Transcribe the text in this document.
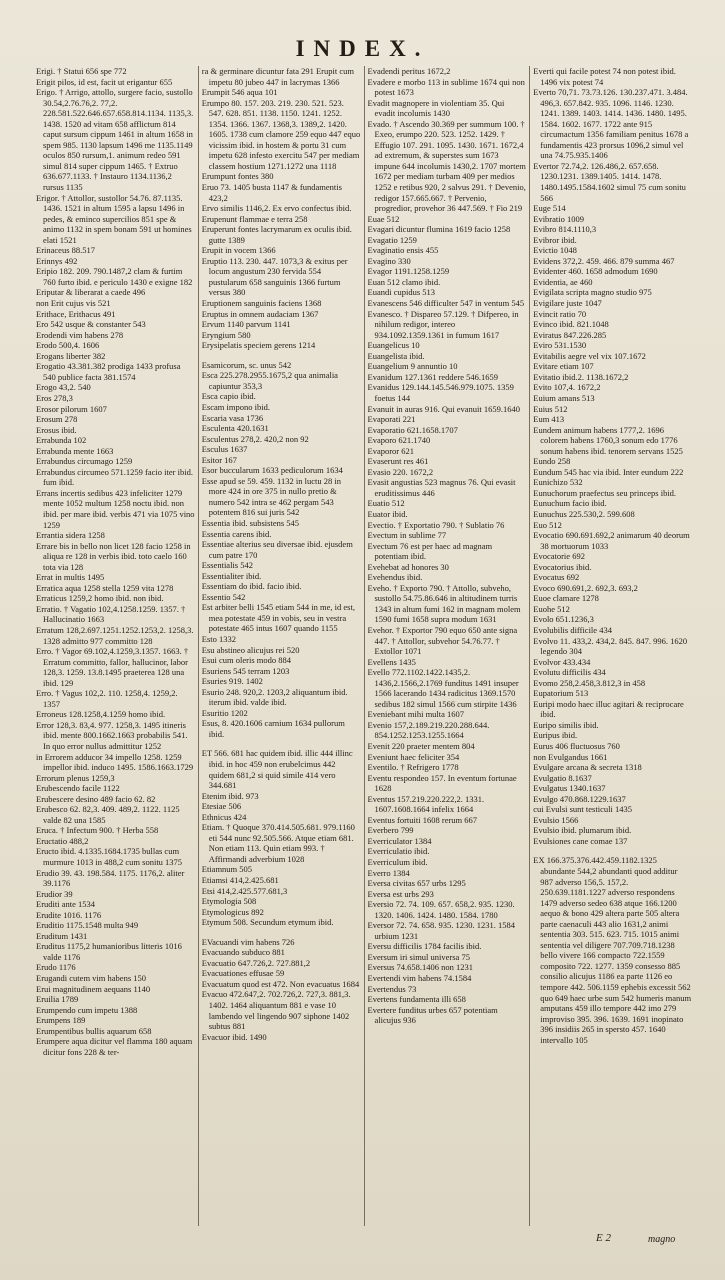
INDEX.

Erigi. † Statui 656 spe 772

Erigit pilos, id est, facit ut erigantur 655

Erigo. † Arrigo, attollo, surgere facio, sustollo 30.54,2.76.76,2. 77,2. 228.581.522.646.657.658.814.1134. 1135,3. 1438. 1520 ad vitam 658 afflictum 814 caput sursum cippum 1461 in altum 1658 in spem 985. 1130 lapsum 1496 me 1135.1149 oculos 850 rursum,1. animum redeo 591 simul 814 super cippum 1465. † Extruo 636.677.1133. † Instauro 1134.1136,2 rursus 1135

Erigor. † Attollor, sustollor 54.76. 87.1135. 1436. 1521 in altum 1595 a lapsu 1496 in pedes, & eminco supercilios 851 spe & animo 1132 in spem bonam 591 ut homines elati 1521

Erinaceus 88.517

Erinnys 492

Eripio 182. 209. 790.1487,2 clam & furtim 760 furto ibid. e periculo 1430 e exigne 182

Eriputar & liberarat a caede 496

non Erit cujus vis 521

Erithace, Erithacus 491

Ero 542 usque & constanter 543

Erodendi vim habens 278

Erodo 500,4. 1606

Erogans liberter 382

Erogatio 43.381.382 prodiga 1433 profusa 540 publice facta 381.1574

Erogo 43,2. 540

Eros 278,3

Erosor pilorum 1607

Erosum 278

Erosus ibid.

Errabunda 102

Errabunda mente 1663

Errabundus circumago 1259

Errabundus circumeo 571.1259 facio iter ibid. fum ibid.

Errans incertis sedibus 423 infeliciter 1279 mente 1052 multum 1258 noctu ibid. non ibid. per mare ibid. verbis 471 via 1075 vino 1259

Errantia sidera 1258

Errare bis in bello non licet 128 facio 1258 in aliqua re 128 in verbis ibid. toto caelo 160 tota via 128

Errat in multis 1495

Erratica aqua 1258 stella 1259 vita 1278

Erraticus 1259,2 homo ibid. non ibid.

Erratio. † Vagatio 102,4.1258.1259. 1357. † Hallucinatio 1663

Erratum 128,2.697.1251.1252.1253,2. 1258,3. 1328 admitto 977 committo 128

Erro. † Vagor 69.102,4.1259,3.1357. 1663. † Erratum committo, fallor, hallucinor, labor 128,3. 1259. 13.8.1495 praeterea 128 una ibid. 129

Erro. † Vagus 102,2. 110. 1258,4. 1259,2. 1357

Erroneus 128.1258,4.1259 homo ibid.

Error 128,3. 83,4. 977. 1258,3. 1495 itineris ibid. mente 800.1662.1663 probabilis 541. In quo error nullus admittitur 1252

in Errorem adducor 34 impello 1258. 1259 impellor ibid. induco 1495. 1586.1663.1729

Errorum plenus 1259,3

Erubescendo facile 1122

Erubescere desino 489 facio 62. 82

Erubesco 62. 82,3. 409. 489,2. 1122. 1125 valde 82 una 1585

Eruca. † Infectum 900. † Herba 558

Eructatio 488,2

Eructo ibid. 4.1335.1684.1735 bullas cum murmure 1013 in 488,2 cum sonitu 1375

Erudio 39. 43. 198.584. 1175. 1176,2. aliter 39.1176

Erudior 39

Eruditi ante 1534

Erudite 1016. 1176

Eruditio 1175.1548 multa 949

Eruditum 1431

Eruditus 1175,2 humanioribus litteris 1016 valde 1176

Erudo 1176

Erugandi cutem vim habens 150

Erui magnitudinem aequans 1140

Eruilia 1789

Erumpendo cum impetu 1388

Erumpens 189

Erumpentibus bullis aquarum 658

Erumpere aqua dicitur vel flamma 180 aquam dicitur fons 228 & ter-

ra & germinare dicuntur fata 291 Erupit cum impetu 80 jubeo 447 in lacrymas 1366

Erumpit 546 aqua 101

Erumpo 80. 157. 203. 219. 230. 521. 523. 547. 628. 851. 1138. 1150. 1241. 1252. 1354. 1366. 1367. 1368,3. 1389,2. 1420. 1605. 1738 cum clamore 259 equo 447 equo vicissim ibid. in hostem & portu 31 cum impetu 628 infesto exercitu 547 per mediam classem hostium 1271.1272 una 1118

Erumpunt fontes 380

Eruo 73. 1405 busta 1147 & fundamentis 423,2

Ervo similis 1146,2. Ex ervo confectus ibid.

Erupenunt flammae e terra 258

Eruperunt fontes lacrymarum ex oculis ibid. gutte 1389

Erupit in vocem 1366

Eruptio 113. 230. 447. 1073,3 & exitus per locum angustum 230 fervida 554 pustularum 658 sanguinis 1366 furtum versus 380

Eruptionem sanguinis faciens 1368

Eruptus in omnem audaciam 1367

Ervum 1140 parvum 1141

Eryngium 580

Erysipelatis speciem gerens 1214

Esamicorum, sc. unus 542

Esca 225.278.2955.1675,2 qua animalia capiuntur 353,3

Esca capio ibid.

Escam impono ibid.

Escaria vasa 1736

Esculenta 420.1631

Esculentus 278,2. 420,2 non 92

Esculus 1637

Esitor 167

Esor buccularum 1633 pediculorum 1634

Esse apud se 59. 459. 1132 in luctu 28 in more 424 in ore 375 in nullo pretio & numero 542 intra se 462 pergam 543 potentem 816 sui juris 542

Essentia ibid. subsistens 545

Essentia carens ibid.

Essentiae alterius seu diversae ibid. ejusdem cum patre 170

Essentialis 542

Essentialiter ibid.

Essentiam do ibid. facio ibid.

Essentio 542

Est arbiter belli 1545 etiam 544 in me, id est, mea potestate 459 in vobis, seu in vestra potestate 465 intus 1607 quando 1155

Esto 1332

Esu abstineo alicujus rei 520

Esui cum oleris modo 884

Esuriens 545 terram 1203

Esuries 919. 1402

Esurio 248. 920,2. 1203,2 aliquantum ibid. iterum ibid. valde ibid.

Esuritio 1202

Esus, 8. 420.1606 carnium 1634 pullorum ibid.

ET 566. 681 hac quidem ibid. illic 444 illinc ibid. in hoc 459 non erubelcimus 442 quidem 681,2 si quid simile 414 vero 344.681

Etenim ibid. 973

Etesiae 506

Ethnicus 424

Etiam. † Quoque 370.414.505.681. 979.1160 eti 544 nunc 92.505.566. Atque etiam 681. Non etiam 113. Quin etiam 993. † Affirmandi adverbium 1028

Etiamnum 505

Etiamsi 414,2.425.681

Etsi 414,2.425.577.681,3

Etymologia 508

Etymologicus 892

Etymum 508. Secundum etymum ibid.

EVacuandi vim habens 726

Evacuando subduco 881

Evacuatio 647.726,2. 727.881,2

Evacuationes effusae 59

Evacuatum quod est 472. Non evacuatus 1684

Evacuo 472.647,2. 702.726,2. 727,3. 881,3. 1402. 1464 aliquantum 881 e vase 10 lambendo vel lingendo 907 siphone 1402 subtus 881

Evacuor ibid. 1490

Evadendi peritus 1672,2

Evadere e morbo 113 in sublime 1674 qui non potest 1673

Evadit magnopere in violentiam 35. Qui evadit incolumis 1430

Evado. † Ascendo 30.369 per summum 100. † Exeo, erumpo 220. 523. 1252. 1429. † Effugio 107. 291. 1095. 1430. 1671. 1672,4 ad extremum, & superstes sum 1673 impune 644 incolumis 1430,2. 1707 mortem 1672 per mediam turbam 409 per medios 1252 e retibus 920, 2 salvus 291. † Devenio, redigor 157.665.667. † Pervenio, progredior, provehor 36 447.569. † Fio 219

Euae 512

Evagari dicuntur flumina 1619 facio 1258

Evagatio 1259

Evaginatio ensis 455

Evagino 330

Evagor 1191.1258.1259

Euan 512 clamo ibid.

Euandi cupidus 513

Evanescens 546 difficulter 547 in ventum 545

Evanesco. † Dispareo 57.129. † Difpereo, in nihilum redigor, intereo 934.1092.1359.1361 in fumum 1617

Euangelicus 10

Euangelista ibid.

Euangelium 9 annuntio 10

Evanidum 127.1361 reddere 546.1659

Evanidus 129.144.145.546.979.1075. 1359 foetus 144

Evanuit in auras 916. Qui evanuit 1659.1640

Evaporati 221

Evaporatio 621.1658.1707

Evaporo 621.1740

Evaporor 621

Evaserunt res 461

Evasio 220. 1672,2

Evasit angustias 523 magnus 76. Qui evasit eruditissimus 446

Euatio 512

Euator ibid.

Evectio. † Exportatio 790. † Sublatio 76

Evectum in sublime 77

Evectum 76 est per haec ad magnam potentiam ibid.

Evehebat ad honores 30

Evehendus ibid.

Eveho. † Exporto 790. † Attollo, subveho, sustollo 54.75.86.646 in altitudinem turris 1343 in altum fumi 162 in magnam molem 1590 fumi 1658 supra modum 1631

Evehor. † Exportor 790 equo 650 ante signa 447. † Attollor, subvehor 54.76.77. † Extollor 1071

Evellens 1435

Evello 772.1102.1422.1435,2. 1436,2.1566,2.1769 funditus 1491 insuper 1566 lacerando 1434 radicitus 1369.1570 sedibus 182 simul 1566 cum stirpite 1436

Eveniebant mihi multa 1607

Evenio 157,2.189.219.220.288.644. 854.1252.1253.1255.1664

Evenit 220 praeter mentem 804

Eveniunt haec feliciter 354

Eventilo. † Refrigero 1778

Eventu respondeo 157. In eventum fortunae 1628

Eventus 157.219.220.222,2. 1331. 1607.1608.1664 infelix 1664

Eventus fortuiti 1608 rerum 667

Everbero 799

Everriculator 1384

Everriculatio ibid.

Everriculum ibid.

Everro 1384

Eversa civitas 657 urbs 1295

Eversa est urbs 293

Eversio 72. 74. 109. 657. 658,2. 935. 1230. 1320. 1406. 1424. 1480. 1584. 1780

Eversor 72. 74. 658. 935. 1230. 1231. 1584 urbium 1231

Eversu difficilis 1784 facilis ibid.

Eversum iri simul universa 75

Eversus 74.658.1406 non 1231

Evertendi vim habens 74.1584

Evertendus 73

Evertens fundamenta illi 658

Evertere funditus urbes 657 potentiam alicujus 936

Everti qui facile potest 74 non potest ibid. 1496 vix potest 74

Everto 70,71. 73.73.126. 130.237.471. 3.484. 496,3. 657.842. 935. 1096. 1146. 1230. 1241. 1389. 1403. 1414. 1436. 1480. 1495. 1584. 1602. 1677. 1722 ante 915 circumactum 1356 familiam penitus 1678 a fundamentis 423 prorsus 1096,2 simul vel una 74.75.935.1406

Evertor 72.74,2. 126.486,2. 657.658. 1230.1231. 1389.1405. 1414. 1478. 1480.1495.1584.1602 simul 75 cum sonitu 566

Euge 514

Evibratio 1009

Evibro 814.1110,3

Evibror ibid.

Evictio 1048

Evidens 372,2. 459. 466. 879 summa 467

Evidenter 460. 1658 admodum 1690

Evidentia, ae 460

Evigilata scripta magno studio 975

Evigilare juste 1047

Evincit ratio 70

Evinco ibid. 821.1048

Eviratus 847.226.285

Eviro 531.1530

Evitabilis aegre vel vix 107.1672

Evitare etiam 107

Evitatio ibid.2. 1138.1672,2

Evito 107,4. 1672,2

Euium amans 513

Euius 512

Eum 413

Eundem animum habens 1777,2. 1696 colorem habens 1760,3 sonum edo 1776 sonum habens ibid. tenorem servans 1525

Eundo 258

Eundum 545 hac via ibid. Inter eundum 222

Eunichizo 532

Eunuchorum praefectus seu princeps ibid.

Eunuchum facio ibid.

Eunuchus 225.530,2. 599.608

Euo 512

Evocatio 690.691.692,2 animarum 40 deorum 38 mortuorum 1033

Evocatorie 692

Evocatorius ibid.

Evocatus 692

Evoco 690.691,2. 692,3. 693,2

Euoe clamare 1278

Euohe 512

Evolo 651.1236,3

Evolubilis difficile 434

Evolvo 11. 433,2. 434,2. 845. 847. 996. 1620 legendo 304

Evolvor 433.434

Evolutu difficilis 434

Evomo 258,2.458,3.812,3 in 458

Eupatorium 513

Euripi modo haec illuc agitari & reciprocare ibid.

Euripo similis ibid.

Euripus ibid.

Eurus 406 fluctuosus 760

non Evulgandus 1661

Evulgare arcana & secreta 1318

Evulgatio 8.1637

Evulgatus 1340.1637

Evulgo 470.868.1229.1637

cui Evulsi sunt testiculi 1435

Evulsio 1566

Evulsio ibid. plumarum ibid.

Evulsiones cane comae 137

EX 166.375.376.442.459.1182.1325 abundante 544,2 abundanti quod additur 987 adverso 156,5. 157,2. 250.639.1181.1227 adverso respondens 1479 adverso sedeo 638 atque 166.1200 aequo & bono 429 altera parte 505 altera parte caenaculi 443 alio 1631,2 animi sententia 303. 515. 623. 715. 1015 animi sententia vel diligere 707.709.718.1238 bello vivere 166 compacto 722.1559 composito 722. 1277. 1359 consesso 885 consilio alicujus 1186 ea parte 1126 eo tempore 442. 506.1159 ephebis excessit 562 quo 649 haec urbe sum 542 humeris manum amputans 459 illo tempore 442 imo 279 improviso 395. 396. 1639. 1691 inopinato 396 insidiis 265 in spersto 457. 1640 intervallo 105

E 2	magno
